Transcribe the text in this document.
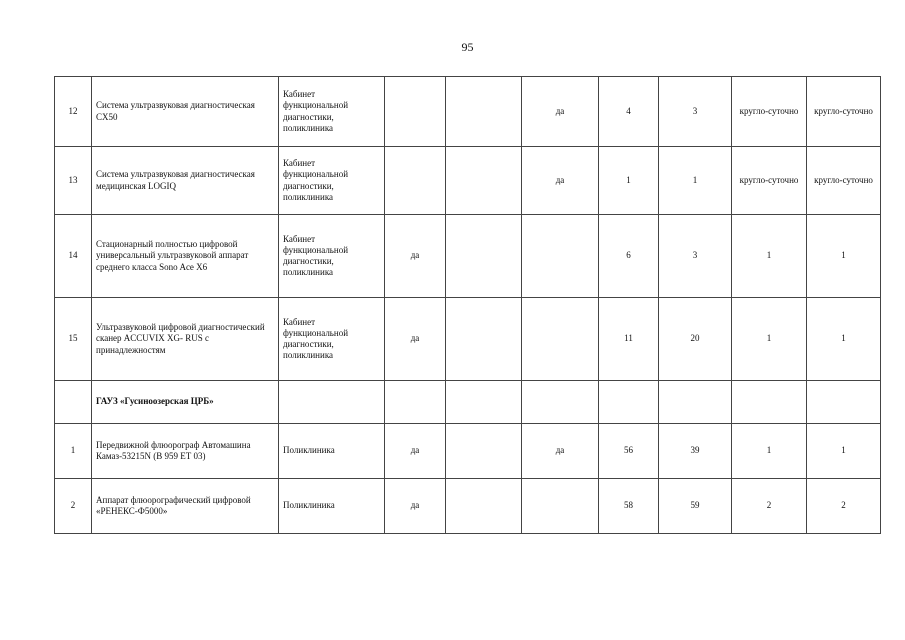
95
12	Система ультразвуковая диагностическая CX50	Кабинет функциональной диагностики, поликлиника			да	4	3	кругло-суточно	кругло-суточно
13	Система ультразвуковая диагностическая медицинская LOGIQ	Кабинет функциональной диагностики, поликлиника			да	1	1	кругло-суточно	кругло-суточно
14	Стационарный полностью цифровой универсальный ультразвуковой аппарат среднего класса Sono Ace X6	Кабинет функциональной диагностики, поликлиника	да			6	3	1	1
15	Ультразвуковой цифровой диагностический сканер ACCUVIX XG- RUS с принадлежностям	Кабинет функциональной диагностики, поликлиника	да			11	20	1	1
	ГАУЗ «Гусиноозерская ЦРБ»								
1	Передвижной флюорограф Автомашина Камаз-53215N (В 959 ЕТ 03)	Поликлиника	да		да	56	39	1	1
2	Аппарат флюорографический цифровой «РЕНЕКС-Ф5000»	Поликлиника	да			58	59	2	2
